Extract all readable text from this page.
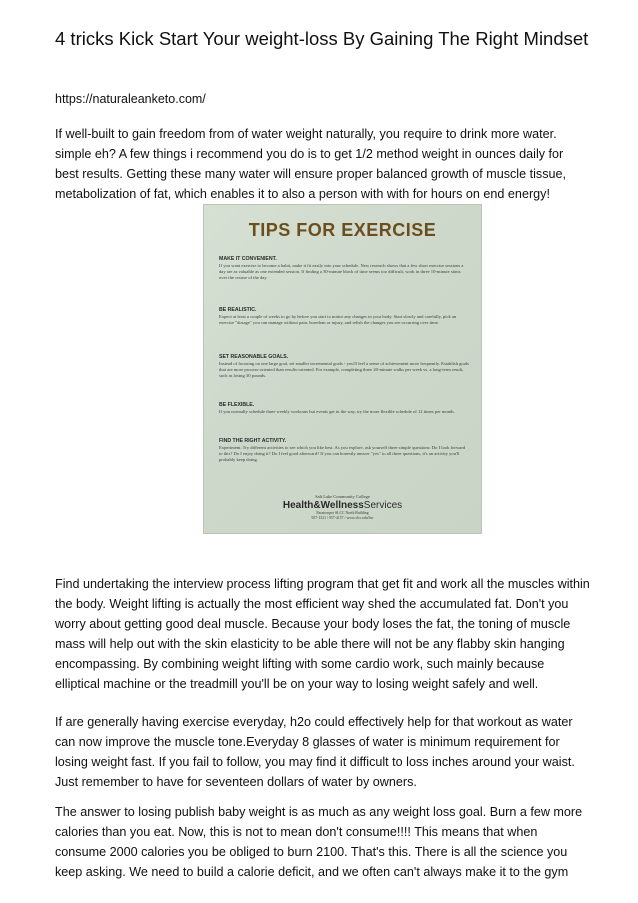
4 tricks Kick Start Your weight-loss By Gaining The Right Mindset
https://naturaleanketo.com/

If well-built to gain freedom from of water weight naturally, you require to drink more water. simple eh? A few things i recommend you do is to get 1/2 method weight in ounces daily for best results. Getting these many water will ensure proper balanced growth of muscle tissue, metabolization of fat, which enables it to also a person with with for hours on end energy!

TIPS FOR EXERCISE
MAKE IT CONVENIENT.
If you want exercise to become a habit, make it fit easily into your schedule. New research shows that a few short exercise sessions a day are as valuable as one extended session. If finding a 30-minute block of time seems too difficult, work in three 10-minute stints over the course of the day.
BE REALISTIC.
Expect at least a couple of weeks to go by before you start to notice any changes in your body. Start slowly and carefully, pick an exercise "dosage" you can manage without pain, boredom or injury, and relish the changes you see occurring over time.
SET REASONABLE GOALS.
Instead of focusing on one large goal, set smaller incremental goals - you'll feel a sense of achievement more frequently. Establish goals that are more process-oriented than results-oriented. For example, completing three 20-minute walks per week vs. a long-term result, such as losing 30 pounds.
BE FLEXIBLE.
If you normally schedule three weekly workouts but events get in the way, try the more flexible schedule of 12 times per month.
FIND THE RIGHT ACTIVITY.
Experiment. Try different activities to see which you like best. As you explore, ask yourself three simple questions: Do I look forward to this? Do I enjoy doing it? Do I feel good afterward? If you can honestly answer "yes" to all three questions, it's an activity you'll probably keep doing.
Salt Lake Community College
Health&WellnessServices
Paratrooper SLCC North Building
957-1521 / 957-4157 / www.slcc.edu/hw

Find undertaking the interview process lifting program that get fit and work all the muscles within the body. Weight lifting is actually the most efficient way shed the accumulated fat. Don't you worry about getting good deal muscle. Because your body loses the fat, the toning of muscle mass will help out with the skin elasticity to be able there will not be any flabby skin hanging encompassing. By combining weight lifting with some cardio work, such mainly because elliptical machine or the treadmill you'll be on your way to losing weight safely and well.

If are generally having exercise everyday, h2o could effectively help for that workout as water can now improve the muscle tone.Everyday 8 glasses of water is minimum requirement for losing weight fast. If you fail to follow, you may find it difficult to loss inches around your waist. Just remember to have for seventeen dollars of water by owners.

The answer to losing publish baby weight is as much as any weight loss goal. Burn a few more calories than you eat. Now, this is not to mean don't consume!!!! This means that when consume 2000 calories you be obliged to burn 2100. That's this. There is all the science you keep asking. We need to build a calorie deficit, and we often can't always make it to the gym
